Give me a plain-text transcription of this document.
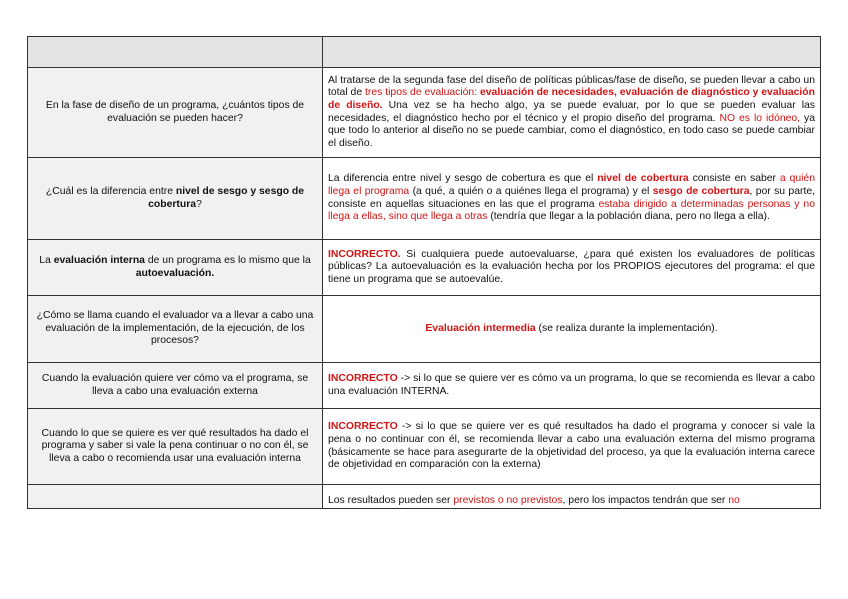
En la fase de diseño de un programa, ¿cuántos tipos de evaluación se pueden hacer?	Al tratarse de la segunda fase del diseño de políticas públicas/fase de diseño, se pueden llevar a cabo un total de tres tipos de evaluación: evaluación de necesidades, evaluación de diagnóstico y evaluación de diseño. Una vez se ha hecho algo, ya se puede evaluar, por lo que se pueden evaluar las necesidades, el diagnóstico hecho por el técnico y el propio diseño del programa. NO es lo idóneo, ya que todo lo anterior al diseño no se puede cambiar, como el diagnóstico, en todo caso se puede cambiar el diseño.
¿Cuál es la diferencia entre nivel de sesgo y sesgo de cobertura?	La diferencia entre nivel y sesgo de cobertura es que el nivel de cobertura consiste en saber a quién llega el programa (a qué, a quién o a quiénes llega el programa) y el sesgo de cobertura, por su parte, consiste en aquellas situaciones en las que el programa estaba dirigido a determinadas personas y no llega a ellas, sino que llega a otras (tendría que llegar a la población diana, pero no llega a ella).
La evaluación interna de un programa es lo mismo que la autoevaluación.	INCORRECTO. Si cualquiera puede autoevaluarse, ¿para qué existen los evaluadores de políticas públicas? La autoevaluación es la evaluación hecha por los PROPIOS ejecutores del programa: el que tiene un programa que se autoevalúe.
¿Cómo se llama cuando el evaluador va a llevar a cabo una evaluación de la implementación, de la ejecución, de los procesos?	Evaluación intermedia (se realiza durante la implementación).
Cuando la evaluación quiere ver cómo va el programa, se lleva a cabo una evaluación externa	INCORRECTO -> si lo que se quiere ver es cómo va un programa, lo que se recomienda es llevar a cabo una evaluación INTERNA.
Cuando lo que se quiere es ver qué resultados ha dado el programa y saber si vale la pena continuar o no con él, se lleva a cabo o recomienda usar una evaluación interna	INCORRECTO -> si lo que se quiere ver es qué resultados ha dado el programa y conocer si vale la pena o no continuar con él, se recomienda llevar a cabo una evaluación externa del mismo programa (básicamente se hace para asegurarte de la objetividad del proceso, ya que la evaluación interna carece de objetividad en comparación con la externa)
	Los resultados pueden ser previstos o no previstos, pero los impactos tendrán que ser no
